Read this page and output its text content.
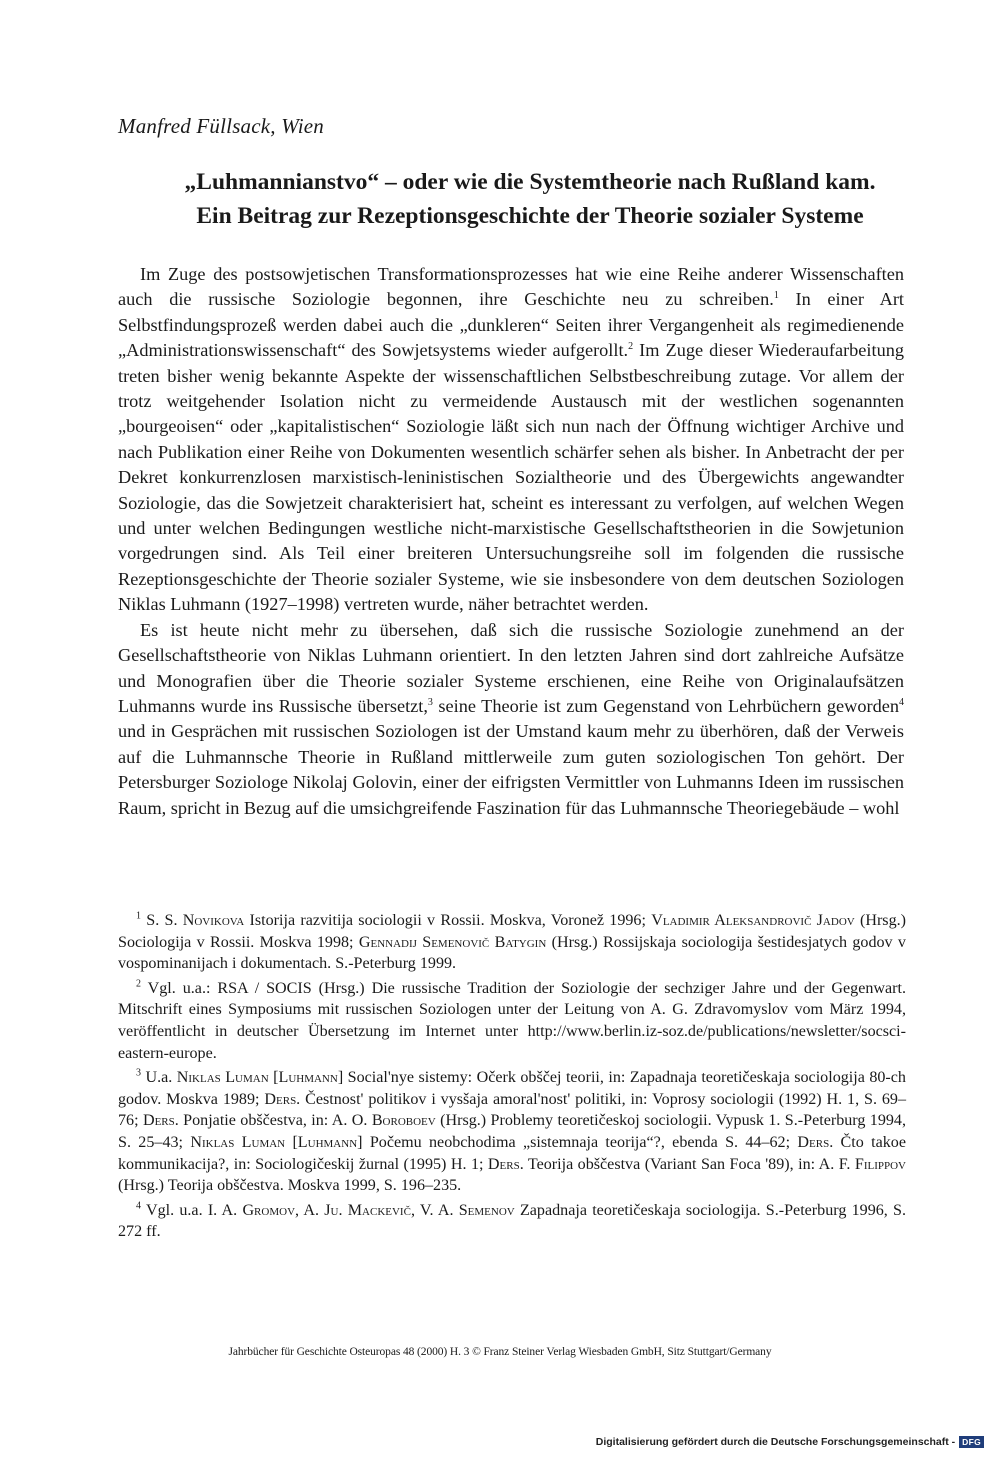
Manfred Füllsack, Wien
„Luhmannianstvo“ – oder wie die Systemtheorie nach Rußland kam.
Ein Beitrag zur Rezeptionsgeschichte der Theorie sozialer Systeme

Im Zuge des postsowjetischen Transformationsprozesses hat wie eine Reihe anderer Wissenschaften auch die russische Soziologie begonnen, ihre Geschichte neu zu schreiben.$^1$ In einer Art Selbstfindungsprozeß werden dabei auch die „dunkleren“ Seiten ihrer Vergangenheit als regimedienende „Administrationswissenschaft“ des Sowjetsystems wieder aufgerollt.$^2$ Im Zuge dieser Wiederaufarbeitung treten bisher wenig bekannte Aspekte der wissenschaftlichen Selbstbeschreibung zutage. Vor allem der trotz weitgehender Isolation nicht zu vermeidende Austausch mit der westlichen sogenannten „bourgeoisen“ oder „kapitalistischen“ Soziologie läßt sich nun nach der Öffnung wichtiger Archive und nach Publikation einer Reihe von Dokumenten wesentlich schärfer sehen als bisher. In Anbetracht der per Dekret konkurrenzlosen marxistisch-leninistischen Sozialtheorie und des Übergewichts angewandter Soziologie, das die Sowjetzeit charakterisiert hat, scheint es interessant zu verfolgen, auf welchen Wegen und unter welchen Bedingungen westliche nicht-marxistische Gesellschaftstheorien in die Sowjetunion vorgedrungen sind. Als Teil einer breiteren Untersuchungsreihe soll im folgenden die russische Rezeptionsgeschichte der Theorie sozialer Systeme, wie sie insbesondere von dem deutschen Soziologen Niklas Luhmann (1927–1998) vertreten wurde, näher betrachtet werden.

Es ist heute nicht mehr zu übersehen, daß sich die russische Soziologie zunehmend an der Gesellschaftstheorie von Niklas Luhmann orientiert. In den letzten Jahren sind dort zahlreiche Aufsätze und Monografien über die Theorie sozialer Systeme erschienen, eine Reihe von Originalaufsätzen Luhmanns wurde ins Russische übersetzt,$^3$ seine Theorie ist zum Gegenstand von Lehrbüchern geworden$^4$ und in Gesprächen mit russischen Soziologen ist der Umstand kaum mehr zu überhören, daß der Verweis auf die Luhmannsche Theorie in Rußland mittlerweile zum guten soziologischen Ton gehört. Der Petersburger Soziologe Nikolaj Golovin, einer der eifrigsten Vermittler von Luhmanns Ideen im russischen Raum, spricht in Bezug auf die umsichgreifende Faszination für das Luhmannsche Theoriegebäude – wohl

$^1$ S. S. Novikova Istorija razvitija sociologii v Rossii. Moskva, Voronež 1996; Vladimir Aleksandrovič Jadov (Hrsg.) Sociologija v Rossii. Moskva 1998; Gennadij Semenovič Batygin (Hrsg.) Rossijskaja sociologija šestidesjatych godov v vospominanijach i dokumentach. S.-Peterburg 1999.

$^2$ Vgl. u.a.: RSA / SOCIS (Hrsg.) Die russische Tradition der Soziologie der sechziger Jahre und der Gegenwart. Mitschrift eines Symposiums mit russischen Soziologen unter der Leitung von A. G. Zdravomyslov vom März 1994, veröffentlicht in deutscher Übersetzung im Internet unter http://www.berlin.iz-soz.de/publications/newsletter/socsci-eastern-europe.

$^3$ U.a. Niklas Luman [Luhmann] Social'nye sistemy: Očerk obščej teorii, in: Zapadnaja teoretičeskaja sociologija 80-ch godov. Moskva 1989; Ders. Čestnost' politikov i vysšaja amoral'nost' politiki, in: Voprosy sociologii (1992) H. 1, S. 69–76; Ders. Ponjatie obščestva, in: A. O. Boroboev (Hrsg.) Problemy teoretičeskoj sociologii. Vypusk 1. S.-Peterburg 1994, S. 25–43; Niklas Luman [Luhmann] Počemu neobchodima „sistemnaja teorija“?, ebenda S. 44–62; Ders. Čto takoe kommunikacija?, in: Sociologičeskij žurnal (1995) H. 1; Ders. Teorija obščestva (Variant San Foca '89), in: A. F. Filippov (Hrsg.) Teorija obščestva. Moskva 1999, S. 196–235.

$^4$ Vgl. u.a. I. A. Gromov, A. Ju. Mackevič, V. A. Semenov Zapadnaja teoretičeskaja sociologija. S.-Peterburg 1996, S. 272 ff.

Jahrbücher für Geschichte Osteuropas 48 (2000) H. 3 © Franz Steiner Verlag Wiesbaden GmbH, Sitz Stuttgart/Germany
Digitalisierung gefördert durch die Deutsche Forschungsgemeinschaft - DFG
